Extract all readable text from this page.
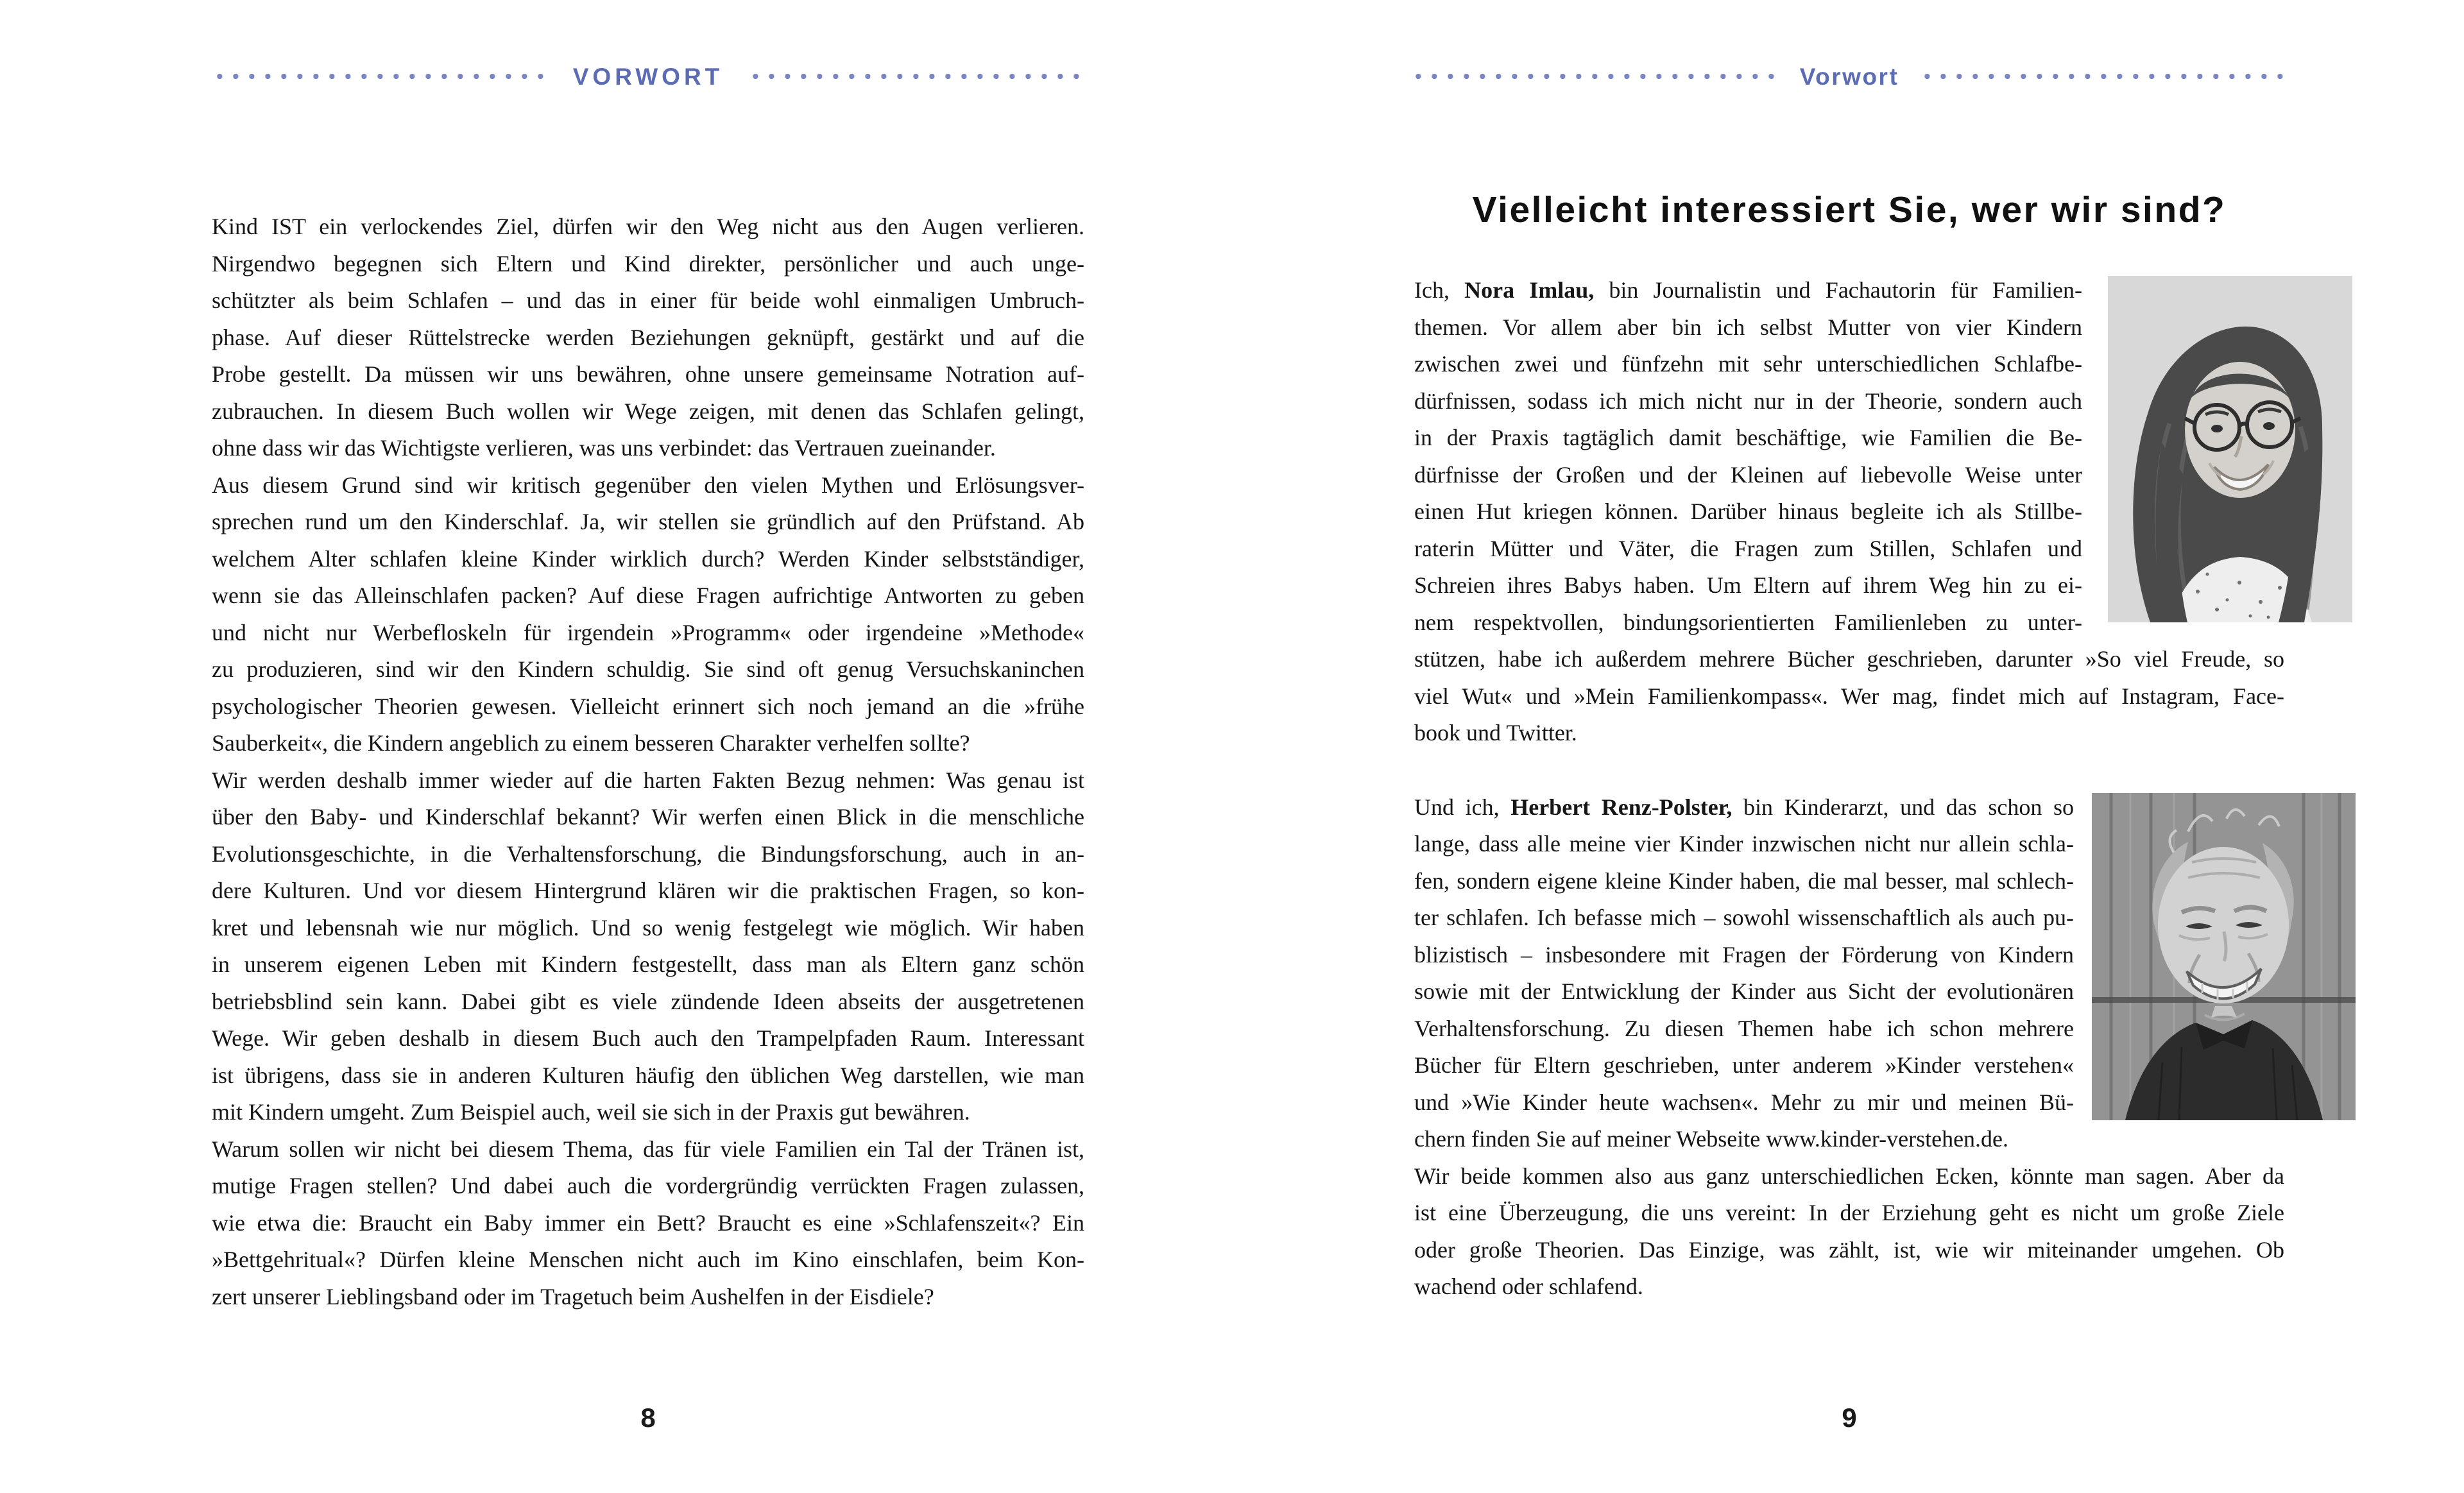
VORWORT
Kind IST ein verlockendes Ziel, dürfen wir den Weg nicht aus den Augen verlieren.
Nirgendwo begegnen sich Eltern und Kind direkter, persönlicher und auch unge-
schützter als beim Schlafen – und das in einer für beide wohl einmaligen Umbruch-
phase. Auf dieser Rüttelstrecke werden Beziehungen geknüpft, gestärkt und auf die
Probe gestellt. Da müssen wir uns bewähren, ohne unsere gemeinsame Notration auf-
zubrauchen. In diesem Buch wollen wir Wege zeigen, mit denen das Schlafen gelingt,
ohne dass wir das Wichtigste verlieren, was uns verbindet: das Vertrauen zueinander.
Aus diesem Grund sind wir kritisch gegenüber den vielen Mythen und Erlösungsver-
sprechen rund um den Kinderschlaf. Ja, wir stellen sie gründlich auf den Prüfstand. Ab
welchem Alter schlafen kleine Kinder wirklich durch? Werden Kinder selbstständiger,
wenn sie das Alleinschlafen packen? Auf diese Fragen aufrichtige Antworten zu geben
und nicht nur Werbefloskeln für irgendein »Programm« oder irgendeine »Methode«
zu produzieren, sind wir den Kindern schuldig. Sie sind oft genug Versuchskaninchen
psychologischer Theorien gewesen. Vielleicht erinnert sich noch jemand an die »frühe
Sauberkeit«, die Kindern angeblich zu einem besseren Charakter verhelfen sollte?
Wir werden deshalb immer wieder auf die harten Fakten Bezug nehmen: Was genau ist
über den Baby- und Kinderschlaf bekannt? Wir werfen einen Blick in die menschliche
Evolutionsgeschichte, in die Verhaltensforschung, die Bindungsforschung, auch in an-
dere Kulturen. Und vor diesem Hintergrund klären wir die praktischen Fragen, so kon-
kret und lebensnah wie nur möglich. Und so wenig festgelegt wie möglich. Wir haben
in unserem eigenen Leben mit Kindern festgestellt, dass man als Eltern ganz schön
betriebsblind sein kann. Dabei gibt es viele zündende Ideen abseits der ausgetretenen
Wege. Wir geben deshalb in diesem Buch auch den Trampelpfaden Raum. Interessant
ist übrigens, dass sie in anderen Kulturen häufig den üblichen Weg darstellen, wie man
mit Kindern umgeht. Zum Beispiel auch, weil sie sich in der Praxis gut bewähren.
Warum sollen wir nicht bei diesem Thema, das für viele Familien ein Tal der Tränen ist,
mutige Fragen stellen? Und dabei auch die vordergründig verrückten Fragen zulassen,
wie etwa die: Braucht ein Baby immer ein Bett? Braucht es eine »Schlafenszeit«? Ein
»Bettgehritual«? Dürfen kleine Menschen nicht auch im Kino einschlafen, beim Kon-
zert unserer Lieblingsband oder im Tragetuch beim Aushelfen in der Eisdiele?
8
Vorwort
Vielleicht interessiert Sie, wer wir sind?
Ich, Nora Imlau, bin Journalistin und Fachautorin für Familien-
themen. Vor allem aber bin ich selbst Mutter von vier Kindern
zwischen zwei und fünfzehn mit sehr unterschiedlichen Schlafbe-
dürfnissen, sodass ich mich nicht nur in der Theorie, sondern auch
in der Praxis tagtäglich damit beschäftige, wie Familien die Be-
dürfnisse der Großen und der Kleinen auf liebevolle Weise unter
einen Hut kriegen können. Darüber hinaus begleite ich als Stillbe-
raterin Mütter und Väter, die Fragen zum Stillen, Schlafen und
Schreien ihres Babys haben. Um Eltern auf ihrem Weg hin zu ei-
nem respektvollen, bindungsorientierten Familienleben zu unter-
stützen, habe ich außerdem mehrere Bücher geschrieben, darunter »So viel Freude, so
viel Wut« und »Mein Familienkompass«. Wer mag, findet mich auf Instagram, Face-
book und Twitter.
Und ich, Herbert Renz-Polster, bin Kinderarzt, und das schon so
lange, dass alle meine vier Kinder inzwischen nicht nur allein schla-
fen, sondern eigene kleine Kinder haben, die mal besser, mal schlech-
ter schlafen. Ich befasse mich – sowohl wissenschaftlich als auch pu-
blizistisch – insbesondere mit Fragen der Förderung von Kindern
sowie mit der Entwicklung der Kinder aus Sicht der evolutionären
Verhaltensforschung. Zu diesen Themen habe ich schon mehrere
Bücher für Eltern geschrieben, unter anderem »Kinder verstehen«
und »Wie Kinder heute wachsen«. Mehr zu mir und meinen Bü-
chern finden Sie auf meiner Webseite www.kinder-verstehen.de.
Wir beide kommen also aus ganz unterschiedlichen Ecken, könnte man sagen. Aber da
ist eine Überzeugung, die uns vereint: In der Erziehung geht es nicht um große Ziele
oder große Theorien. Das Einzige, was zählt, ist, wie wir miteinander umgehen. Ob
wachend oder schlafend.
9
